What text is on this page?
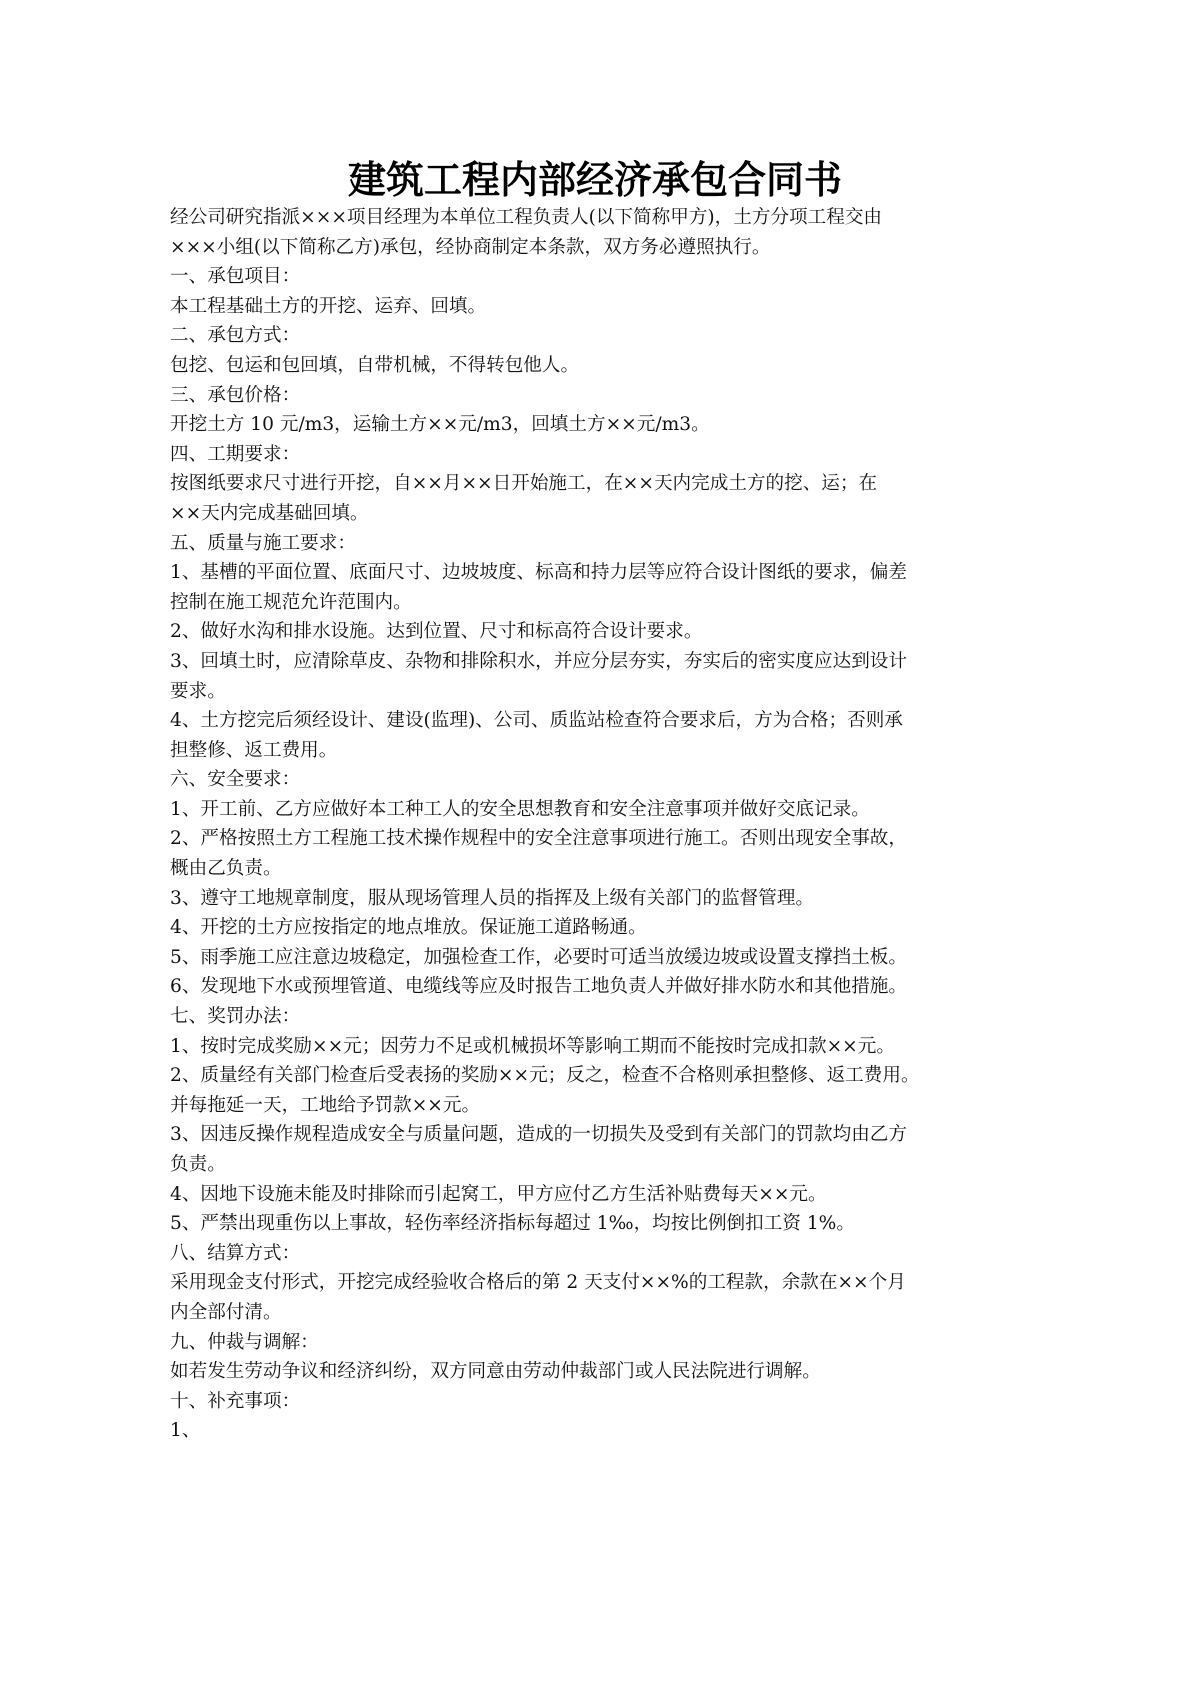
建筑工程内部经济承包合同书
经公司研究指派×××项目经理为本单位工程负责人(以下简称甲方)，土方分项工程交由
×××小组(以下简称乙方)承包，经协商制定本条款，双方务必遵照执行。
一、承包项目：
本工程基础土方的开挖、运弃、回填。
二、承包方式：
包挖、包运和包回填，自带机械，不得转包他人。
三、承包价格：
开挖土方 10 元/m3，运输土方××元/m3，回填土方××元/m3。
四、工期要求：
按图纸要求尺寸进行开挖，自××月××日开始施工，在××天内完成土方的挖、运；在
××天内完成基础回填。
五、质量与施工要求：
1、基槽的平面位置、底面尺寸、边坡坡度、标高和持力层等应符合设计图纸的要求，偏差
控制在施工规范允许范围内。
2、做好水沟和排水设施。达到位置、尺寸和标高符合设计要求。
3、回填土时，应清除草皮、杂物和排除积水，并应分层夯实，夯实后的密实度应达到设计
要求。
4、土方挖完后须经设计、建设(监理)、公司、质监站检查符合要求后，方为合格；否则承
担整修、返工费用。
六、安全要求：
1、开工前、乙方应做好本工种工人的安全思想教育和安全注意事项并做好交底记录。
2、严格按照土方工程施工技术操作规程中的安全注意事项进行施工。否则出现安全事故，
概由乙负责。
3、遵守工地规章制度，服从现场管理人员的指挥及上级有关部门的监督管理。
4、开挖的土方应按指定的地点堆放。保证施工道路畅通。
5、雨季施工应注意边坡稳定，加强检查工作，必要时可适当放缓边坡或设置支撑挡土板。
6、发现地下水或预埋管道、电缆线等应及时报告工地负责人并做好排水防水和其他措施。
七、奖罚办法：
1、按时完成奖励××元；因劳力不足或机械损坏等影响工期而不能按时完成扣款××元。
2、质量经有关部门检查后受表扬的奖励××元；反之，检查不合格则承担整修、返工费用。
并每拖延一天，工地给予罚款××元。
3、因违反操作规程造成安全与质量问题，造成的一切损失及受到有关部门的罚款均由乙方
负责。
4、因地下设施未能及时排除而引起窝工，甲方应付乙方生活补贴费每天××元。
5、严禁出现重伤以上事故，轻伤率经济指标每超过 1‰，均按比例倒扣工资 1%。
八、结算方式：
采用现金支付形式，开挖完成经验收合格后的第 2 天支付××%的工程款，余款在××个月
内全部付清。
九、仲裁与调解：
如若发生劳动争议和经济纠纷，双方同意由劳动仲裁部门或人民法院进行调解。
十、补充事项：
1、
